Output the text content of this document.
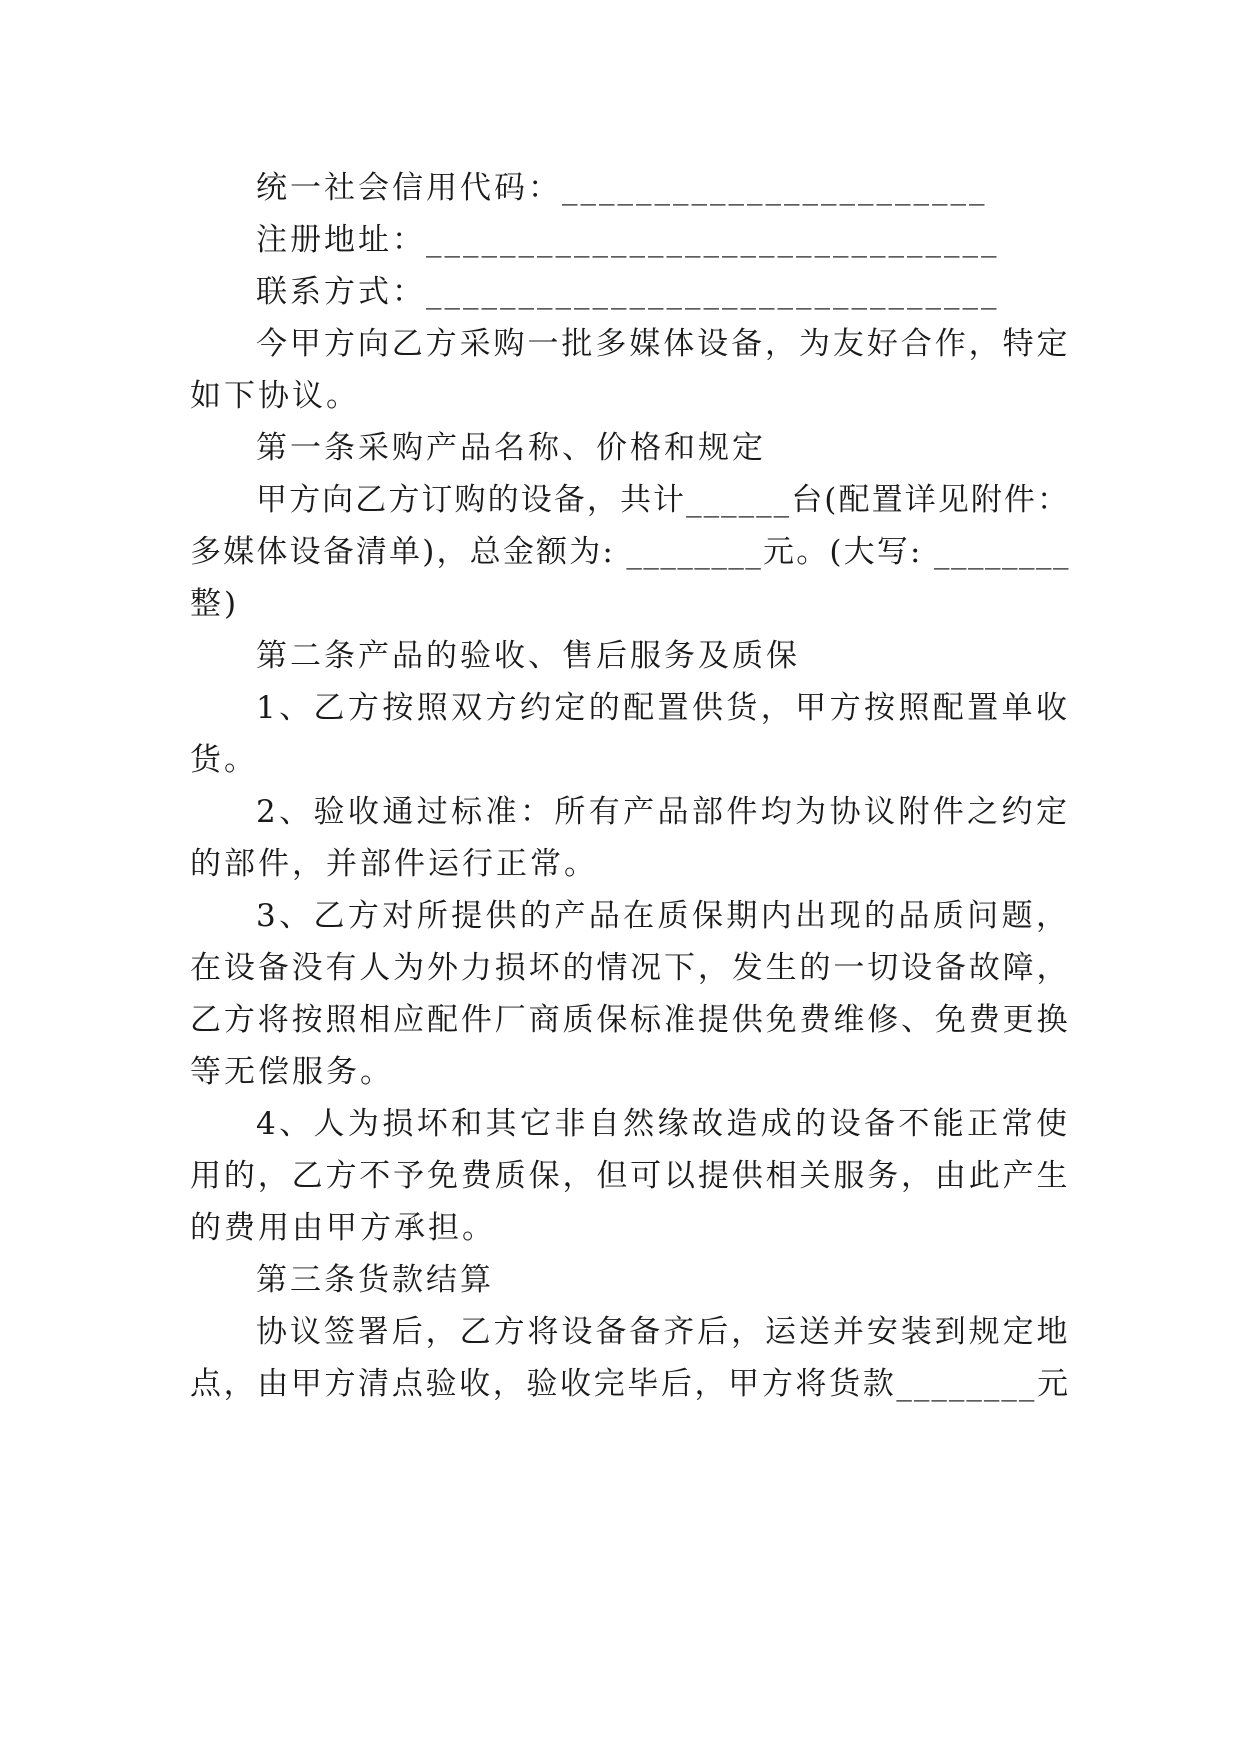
统一社会信用代码：_______________________
注册地址：_______________________________
联系方式：_______________________________
今甲方向乙方采购一批多媒体设备，为友好合作，特定
如下协议。
第一条采购产品名称、价格和规定
甲方向乙方订购的设备，共计______台(配置详见附件：
多媒体设备清单)，总金额为: ________元。(大写: ________
整)
第二条产品的验收、售后服务及质保
1、乙方按照双方约定的配置供货，甲方按照配置单收
货。
2、验收通过标准：所有产品部件均为协议附件之约定
的部件，并部件运行正常。
3、乙方对所提供的产品在质保期内出现的品质问题，
在设备没有人为外力损坏的情况下，发生的一切设备故障，
乙方将按照相应配件厂商质保标准提供免费维修、免费更换
等无偿服务。
4、人为损坏和其它非自然缘故造成的设备不能正常使
用的，乙方不予免费质保，但可以提供相关服务，由此产生
的费用由甲方承担。
第三条货款结算
协议签署后，乙方将设备备齐后，运送并安装到规定地
点，由甲方清点验收，验收完毕后，甲方将货款________元
